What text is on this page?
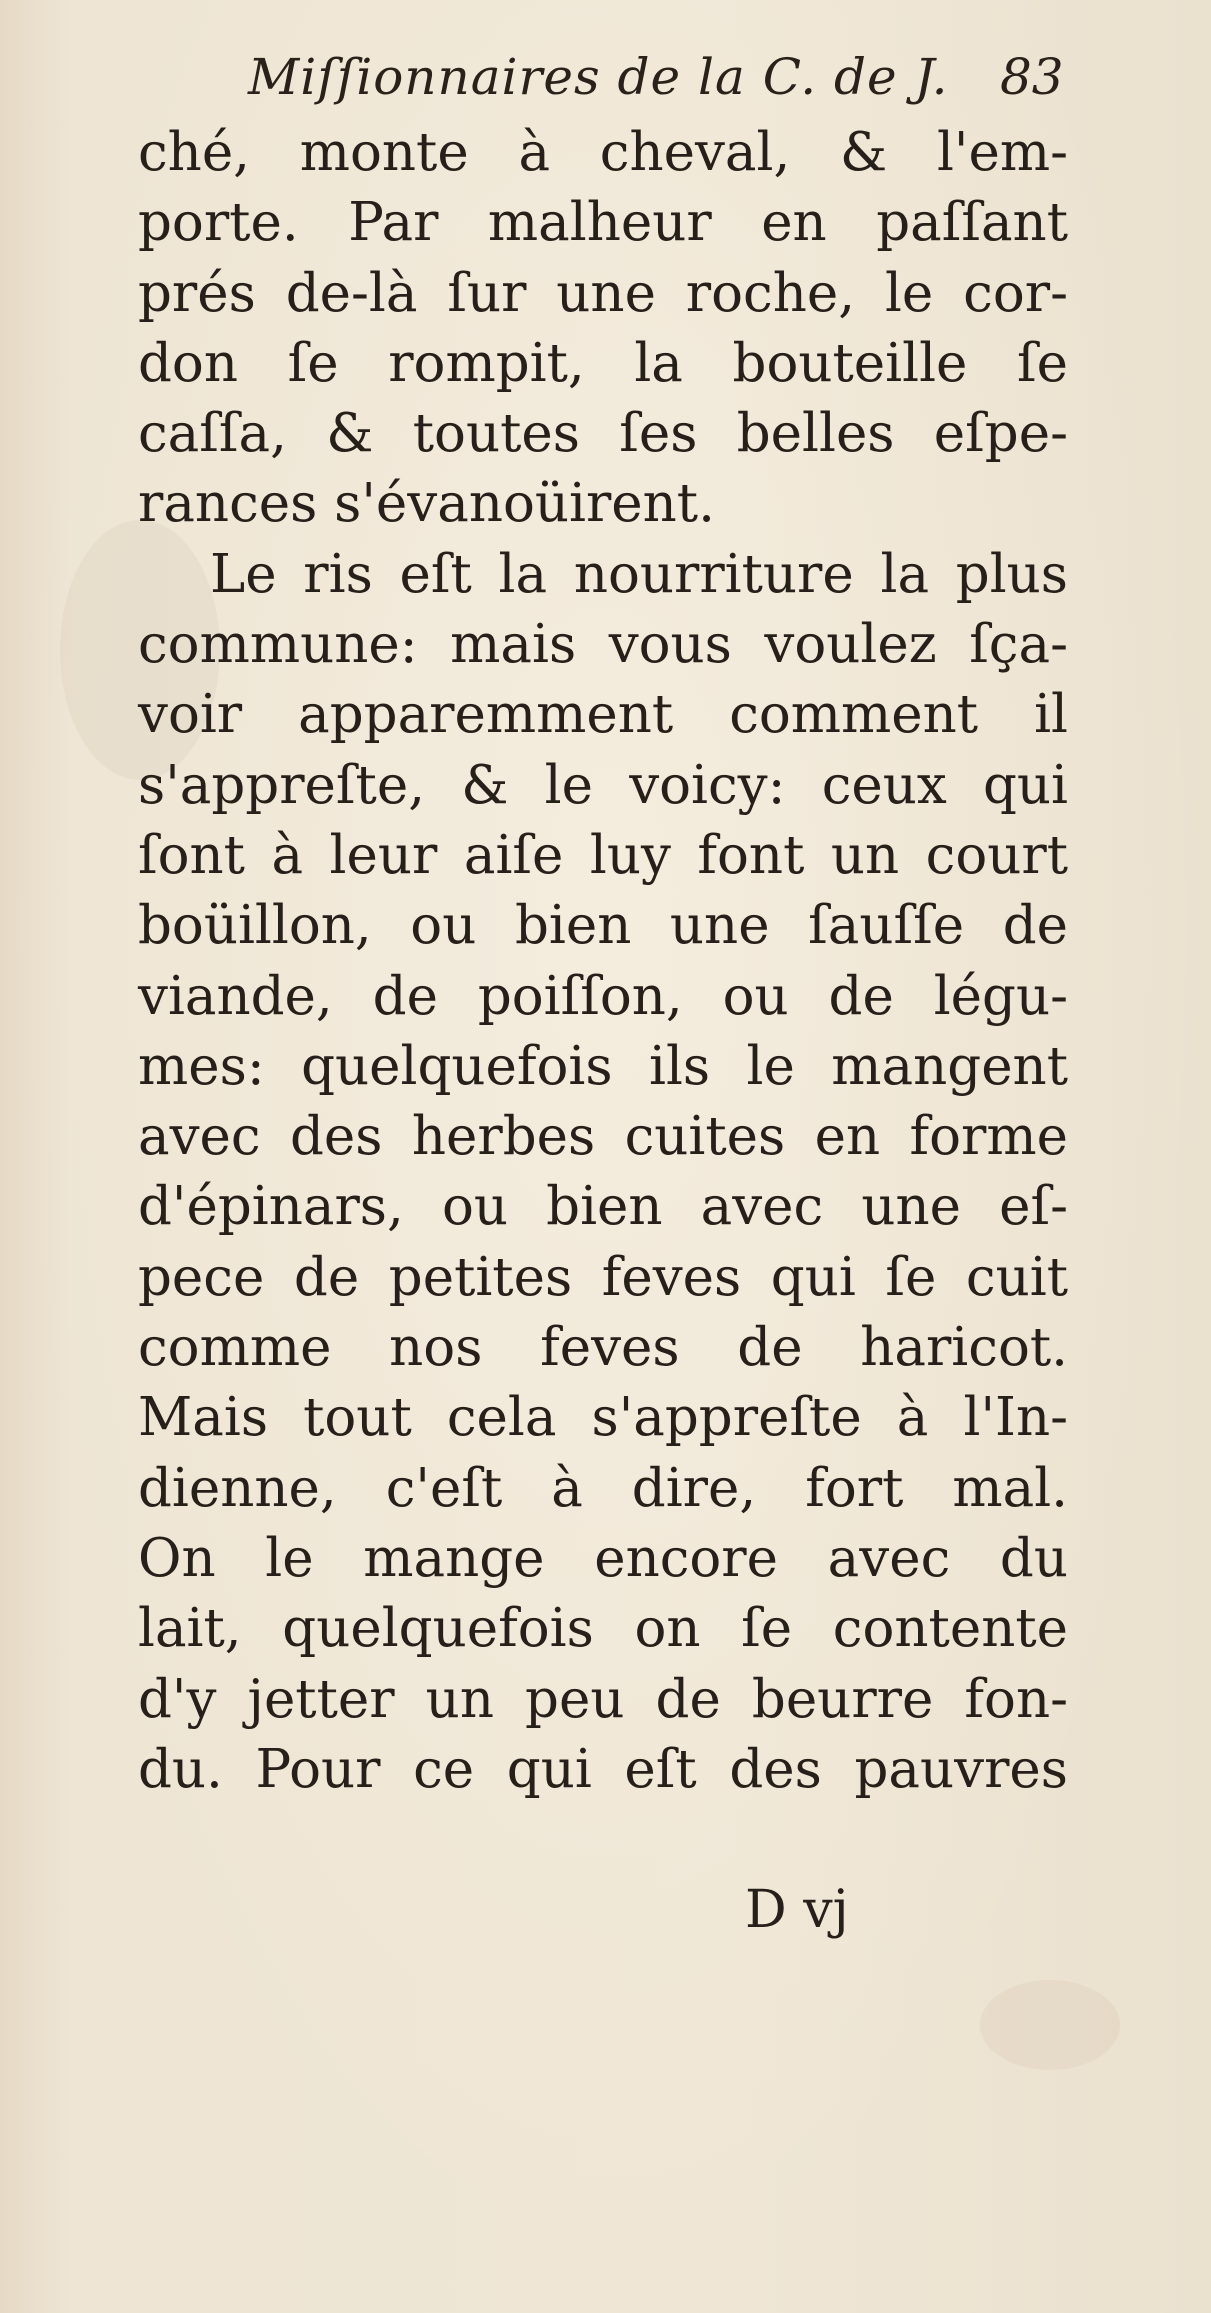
Miſſionnaires de la C. de J. 83
ché, monte à cheval, & l'em-
porte. Par malheur en paſſant
prés de-là ſur une roche, le cor-
don ſe rompit, la bouteille ſe
caſſa, & toutes ſes belles eſpe-
rances s'évanoüirent.
Le ris eſt la nourriture la plus
commune: mais vous voulez ſça-
voir apparemment comment il
s'appreſte, & le voicy: ceux qui
ſont à leur aiſe luy font un court
boüillon, ou bien une ſauſſe de
viande, de poiſſon, ou de légu-
mes: quelquefois ils le mangent
avec des herbes cuites en forme
d'épinars, ou bien avec une eſ-
pece de petites feves qui ſe cuit
comme nos feves de haricot.
Mais tout cela s'appreſte à l'In-
dienne, c'eſt à dire, fort mal.
On le mange encore avec du
lait, quelquefois on ſe contente
d'y jetter un peu de beurre fon-
du. Pour ce qui eſt des pauvres
D vj
